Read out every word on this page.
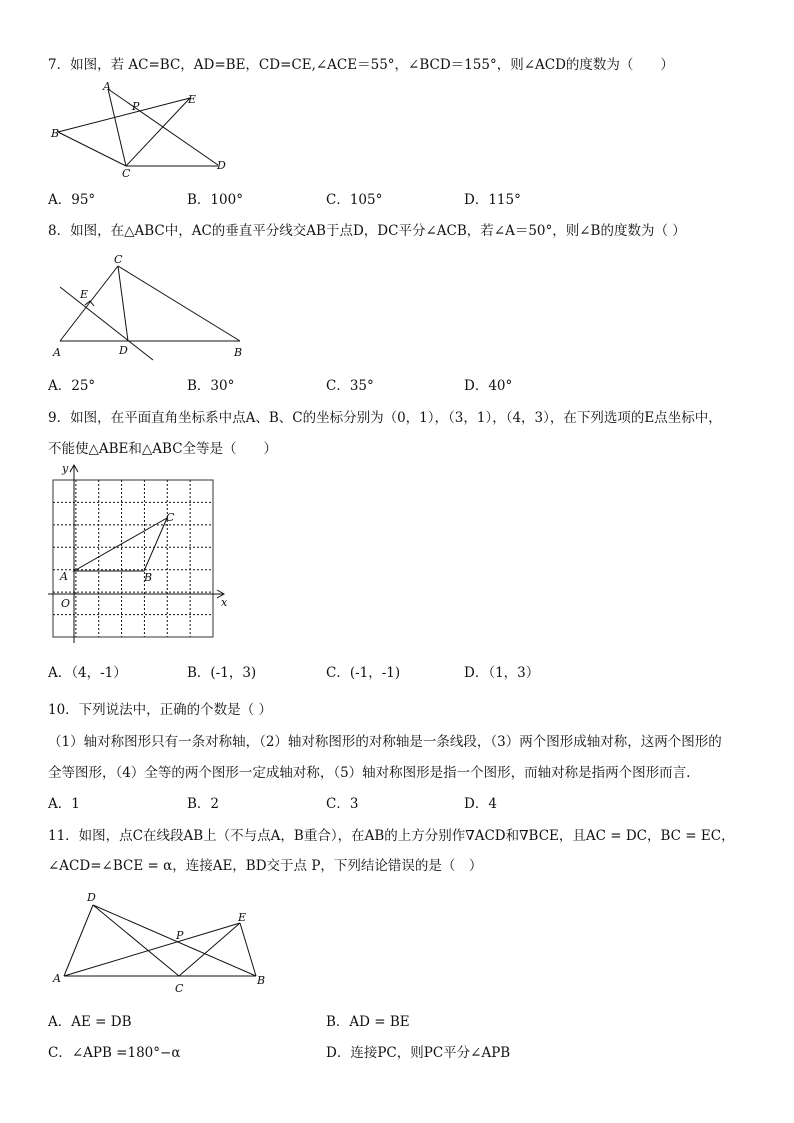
7．如图，若 AC=BC，AD=BE，CD=CE,∠ACE＝55°，∠BCD＝155°，则∠ACD的度数为（　　）
A
P
E
B
C
D
A．95°	B．100°	C．105°	D．115°
8．如图，在△ABC中，AC的垂直平分线交AB于点D，DC平分∠ACB，若∠A＝50°，则∠B的度数为（ ）
C
E
A	D	B
A．25°	B．30°	C．35°	D．40°
9．如图，在平面直角坐标系中点A、B、C的坐标分别为（0，1），（3，1），（4，3），在下列选项的E点坐标中，
不能使△ABE和△ABC全等是（　　）
y
x
O
A	B
C
A．（4，-1）	B．(-1，3)	C．(-1，-1)	D．（1，3）
10．下列说法中，正确的个数是（ ）
（1）轴对称图形只有一条对称轴，（2）轴对称图形的对称轴是一条线段，（3）两个图形成轴对称，这两个图形的
全等图形，（4）全等的两个图形一定成轴对称，（5）轴对称图形是指一个图形，而轴对称是指两个图形而言.
A．1	B．2	C．3	D．4
11．如图，点C在线段AB上（不与点A，B重合），在AB的上方分别作∇ACD和∇BCE，且AC = DC，BC = EC，
∠ACD=∠BCE = α，连接AE，BD交于点 P，下列结论错误的是（　）
D
E
P
A
C
B
A．AE = DB	B．AD = BE
C．∠APB =180°−α	D．连接PC，则PC平分∠APB
